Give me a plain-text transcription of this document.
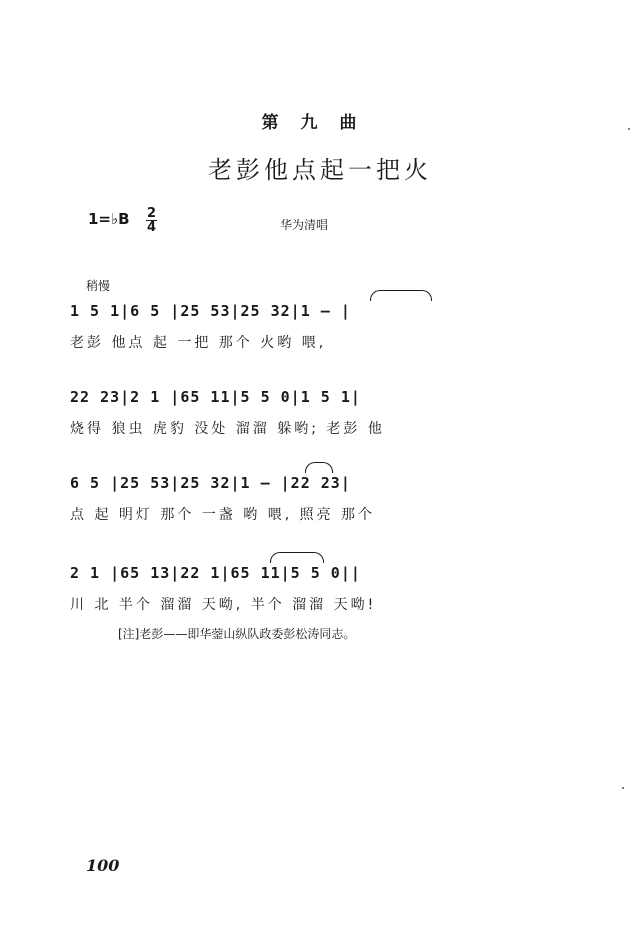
第九曲
老彭他点起一把火
1=♭B 2
4	华为清唱
稍慢
1 5 1|6 5 |25 53|25 32|1 — |
老彭 他点 起 一把 那个 火哟 喂,
22 23|2 1 |65 11|5 5 0|1 5 1|
烧得 狼虫 虎豹 没处 溜溜 躲哟; 老彭 他
6 5 |25 53|25 32|1 — |22 23|
点 起 明灯 那个 一盏 哟 喂, 照亮 那个
2 1 |65 13|22 1|65 11|5 5 0||
川 北 半个 溜溜 天呦, 半个 溜溜 天呦!
[注]老彭——即华蓥山纵队政委彭松涛同志。
100
